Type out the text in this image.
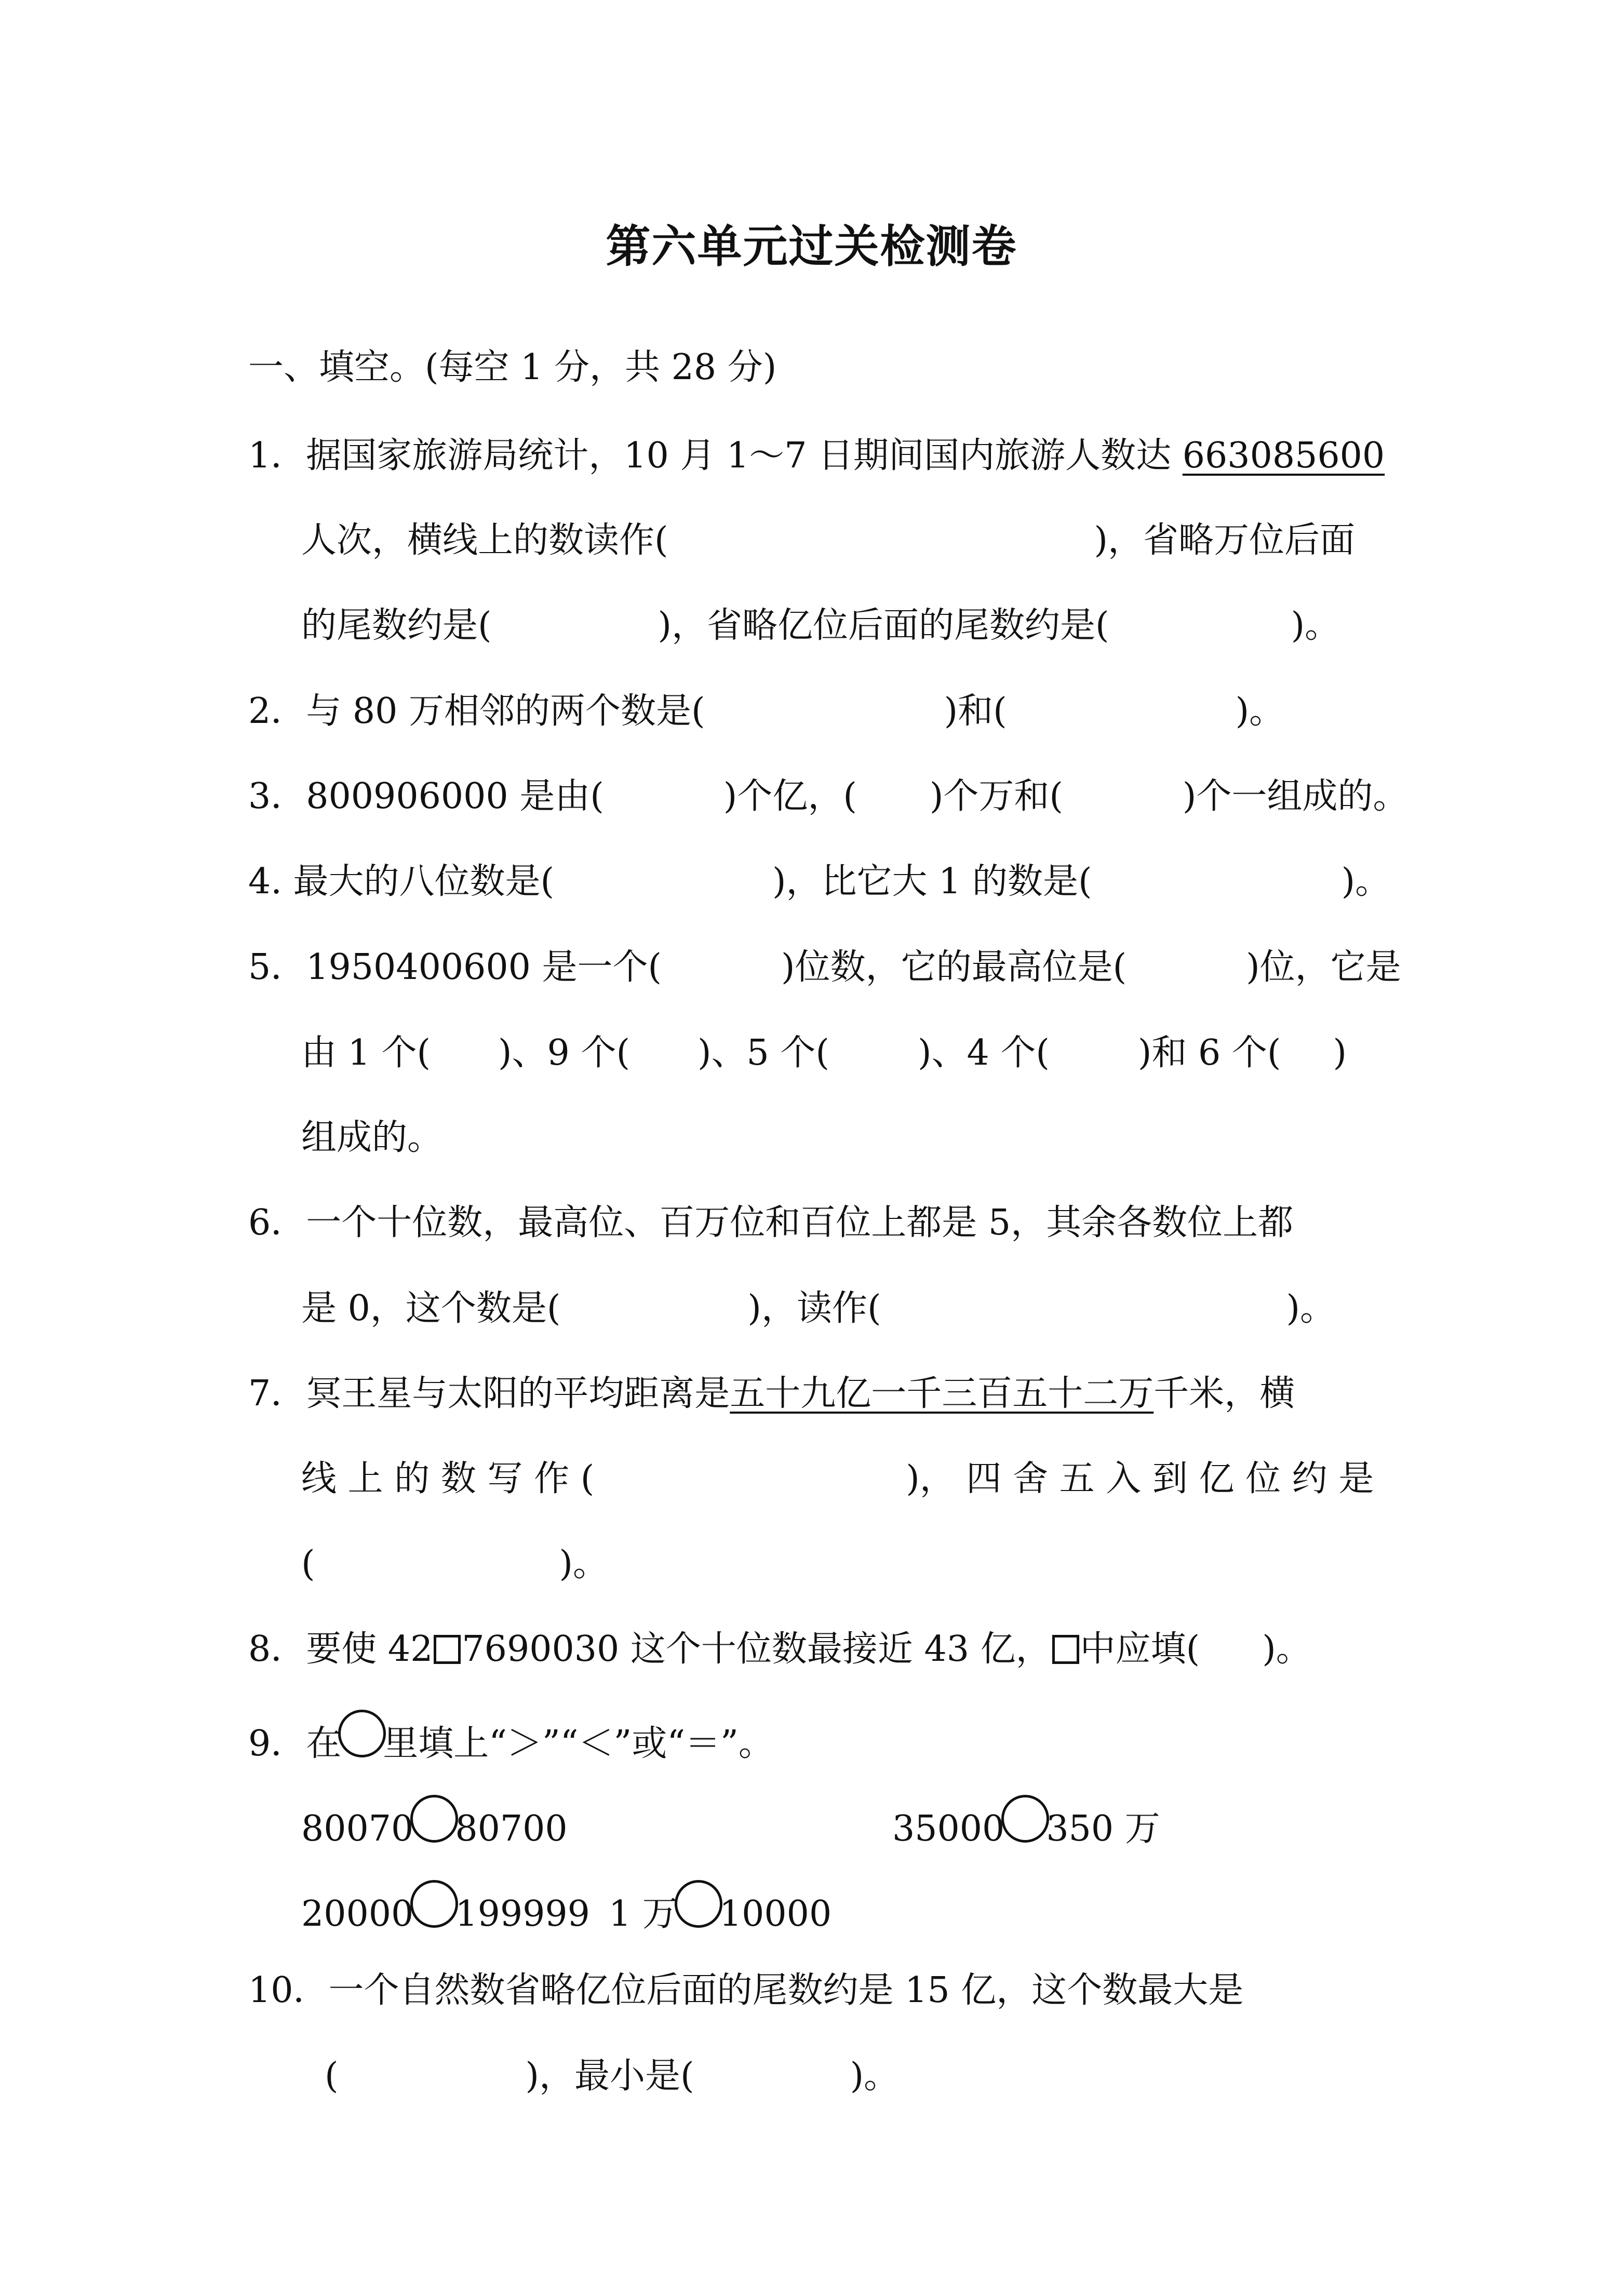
第六单元过关检测卷
一、填空。(每空 1 分，共 28 分)
1．据国家旅游局统计，10 月 1～7 日期间国内旅游人数达 663085600
人次，横线上的数读作(	)，省略万位后面
的尾数约是(	)，省略亿位后面的尾数约是(	)。
2．与 80 万相邻的两个数是(	)和(	)。
3．800906000 是由(	)个亿，( )个万和(	)个一组成的。
4. 最大的八位数是(	)，比它大 1 的数是(	)。
5．1950400600 是一个(	)位数，它的最高位是(	)位，它是
由 1 个( )、9 个( )、5 个(	)、4 个(	)和 6 个( )
组成的。
6．一个十位数，最高位、百万位和百位上都是 5，其余各数位上都
是 0，这个数是(	)，读作(	)。
7．冥王星与太阳的平均距离是五十九亿一千三百五十二万千米，横
线 上 的 数 写 作 (	)， 四 舍 五 入 到 亿 位 约 是
(	)。
8．要使 42 7690030 这个十位数最接近 43 亿， 中应填( )。
9．在 里填上“＞”“＜”或“＝”。
80070 80700	35000 350 万
20000 199999 1 万 10000
10．一个自然数省略亿位后面的尾数约是 15 亿，这个数最大是
(	)，最小是(	)。
